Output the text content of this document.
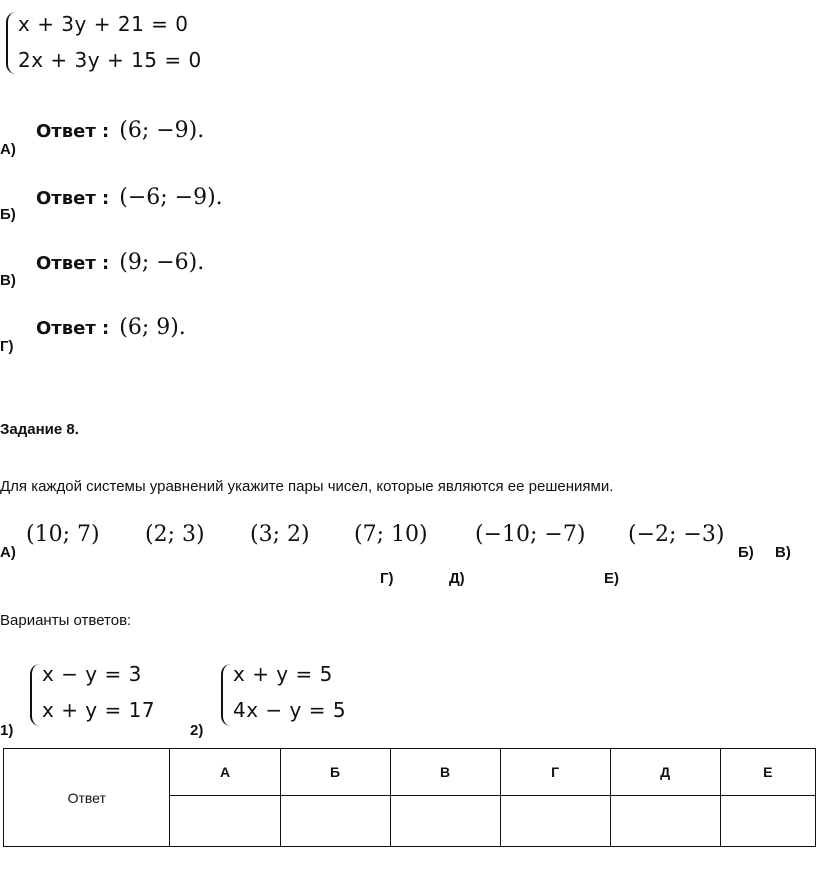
x + 3y + 21 = 0
2x + 3y + 15 = 0
А)
Ответ : (6; −9).
Б)
Ответ : (−6; −9).
В)
Ответ : (9; −6).
Г)
Ответ : (6; 9).
Задание 8.
Для каждой системы уравнений укажите пары чисел, которые являются ее решениями.
А)
(10; 7) (2; 3) (3; 2) (7; 10) (−10; −7) (−2; −3)
Б) В)
Г)	Д)	Е)
Варианты ответов:
1)
x − y = 3
x + y = 17
2)
x + y = 5
4x − y = 5
Ответ	А	Б	В	Г	Д	Е
